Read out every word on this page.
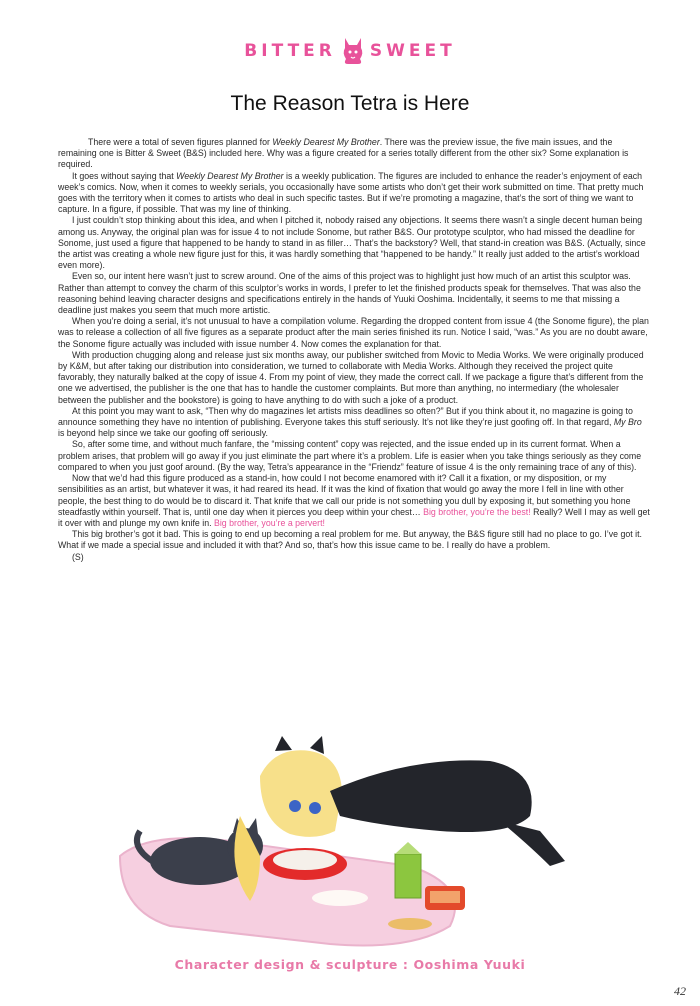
BITTER SWEET
The Reason Tetra is Here

There were a total of seven figures planned for Weekly Dearest My Brother. There was the preview issue, the five main issues, and the remaining one is Bitter & Sweet (B&S) included here. Why was a figure created for a series totally different from the other six? Some explanation is required.

It goes without saying that Weekly Dearest My Brother is a weekly publication. The figures are included to enhance the reader’s enjoyment of each week’s comics. Now, when it comes to weekly serials, you occasionally have some artists who don’t get their work submitted on time. That pretty much goes with the territory when it comes to artists who deal in such specific tastes. But if we’re promoting a magazine, that’s the sort of thing we want to capture. In a figure, if possible. That was my line of thinking.

I just couldn’t stop thinking about this idea, and when I pitched it, nobody raised any objections. It seems there wasn’t a single decent human being among us. Anyway, the original plan was for issue 4 to not include Sonome, but rather B&S. Our prototype sculptor, who had missed the deadline for Sonome, just used a figure that happened to be handy to stand in as filler… That’s the backstory? Well, that stand-in creation was B&S. (Actually, since the artist was creating a whole new figure just for this, it was hardly something that “happened to be handy.” It really just added to the artist’s workload even more).

Even so, our intent here wasn’t just to screw around. One of the aims of this project was to highlight just how much of an artist this sculptor was. Rather than attempt to convey the charm of this sculptor’s works in words, I prefer to let the finished products speak for themselves. That was also the reasoning behind leaving character designs and specifications entirely in the hands of Yuuki Ooshima. Incidentally, it seems to me that missing a deadline just makes you seem that much more artistic.

When you’re doing a serial, it’s not unusual to have a compilation volume. Regarding the dropped content from issue 4 (the Sonome figure), the plan was to release a collection of all five figures as a separate product after the main series finished its run. Notice I said, “was.” As you are no doubt aware, the Sonome figure actually was included with issue number 4. Now comes the explanation for that.

With production chugging along and release just six months away, our publisher switched from Movic to Media Works. We were originally produced by K&M, but after taking our distribution into consideration, we turned to collaborate with Media Works. Although they received the project quite favorably, they naturally balked at the copy of issue 4. From my point of view, they made the correct call. If we package a figure that’s different from the one we advertised, the publisher is the one that has to handle the customer complaints. But more than anything, no intermediary (the wholesaler between the publisher and the bookstore) is going to have anything to do with such a joke of a product.

At this point you may want to ask, “Then why do magazines let artists miss deadlines so often?” But if you think about it, no magazine is going to announce something they have no intention of publishing. Everyone takes this stuff seriously. It’s not like they’re just goofing off. In that regard, My Bro is beyond help since we take our goofing off seriously.

So, after some time, and without much fanfare, the “missing content” copy was rejected, and the issue ended up in its current format. When a problem arises, that problem will go away if you just eliminate the part where it’s a problem. Life is easier when you take things seriously as they come compared to when you just goof around. (By the way, Tetra’s appearance in the “Friendz” feature of issue 4 is the only remaining trace of any of this).

Now that we’d had this figure produced as a stand-in, how could I not become enamored with it? Call it a fixation, or my disposition, or my sensibilities as an artist, but whatever it was, it had reared its head. If it was the kind of fixation that would go away the more I fell in line with other people, the best thing to do would be to discard it. That knife that we call our pride is not something you dull by exposing it, but something you hone steadfastly within yourself. That is, until one day when it pierces you deep within your chest… Big brother, you’re the best! Really? Well I may as well get it over with and plunge my own knife in. Big brother, you’re a pervert!

This big brother’s got it bad. This is going to end up becoming a real problem for me. But anyway, the B&S figure still had no place to go. I’ve got it. What if we made a special issue and included it with that? And so, that’s how this issue came to be. I really do have a problem.

(S)

Character design & sculpture : Ooshima Yuuki
42
